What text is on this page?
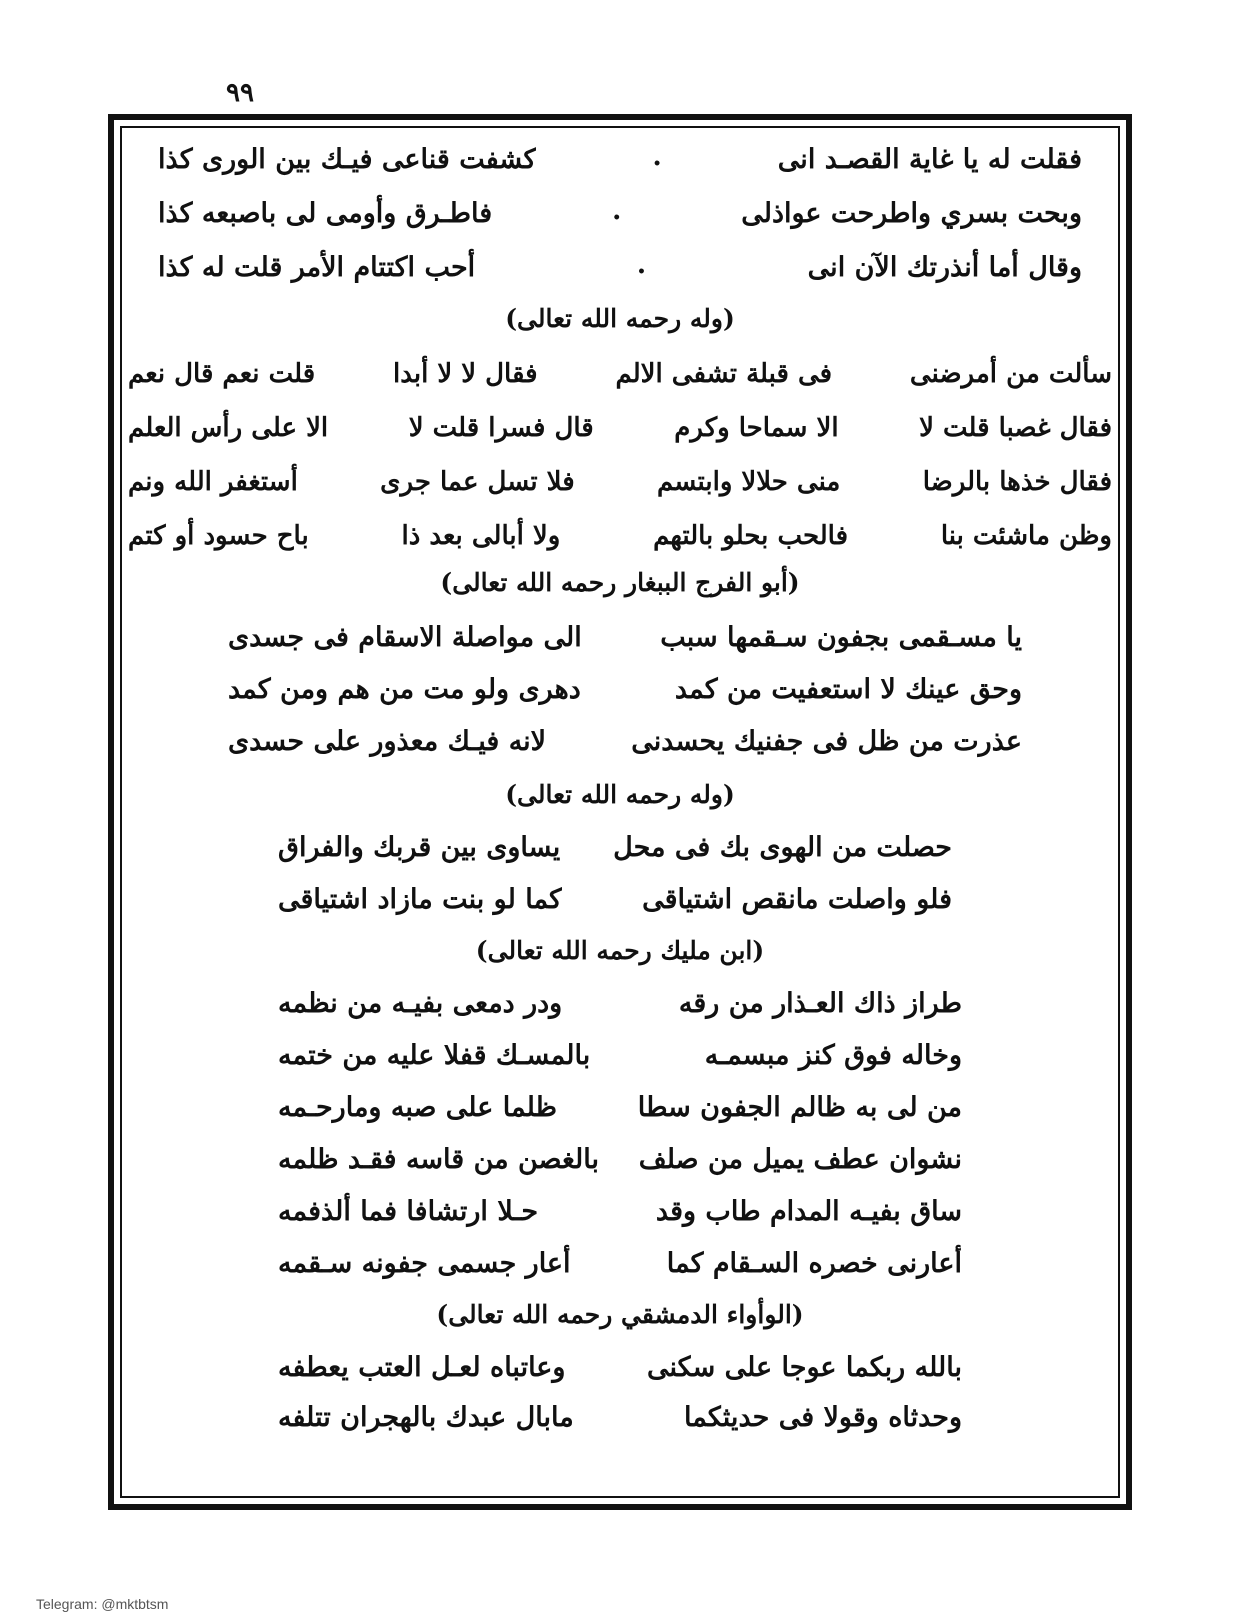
٩٩
فقلت له يا غاية القصـد انى
•
كشفت قناعى فيـك بين الورى كذا
وبحت بسري واطرحت عواذلى
•
فاطـرق وأومى لى باصبعه كذا
وقال أما أنذرتك الآن انى
•
أحب اكتتام الأمر قلت له كذا
(وله رحمه الله تعالى)
سألت من أمرضنى
فى قبلة تشفى الالم
فقال لا لا أبدا
قلت نعم قال نعم
فقال غصبا قلت لا
الا سماحا وكرم
قال فسرا قلت لا
الا على رأس العلم
فقال خذها بالرضا
منى حلالا وابتسم
فلا تسل عما جرى
أستغفر الله ونم
وظن ماشئت بنا
فالحب بحلو بالتهم
ولا أبالى بعد ذا
باح حسود أو كتم
(أبو الفرج الببغار رحمه الله تعالى)
يا مسـقمى بجفون سـقمها سبب
الى مواصلة الاسقام فى جسدى
وحق عينك لا استعفيت من كمد
دهرى ولو مت من هم ومن كمد
عذرت من ظل فى جفنيك يحسدنى
لانه فيـك معذور على حسدى
(وله رحمه الله تعالى)
حصلت من الهوى بك فى محل
يساوى بين قربك والفراق
فلو واصلت مانقص اشتياقى
كما لو بنت مازاد اشتياقى
(ابن مليك رحمه الله تعالى)
طراز ذاك العـذار من رقه
ودر دمعى بفيـه من نظمه
وخاله فوق كنز مبسمـه
بالمسـك قفلا عليه من ختمه
من لى به ظالم الجفون سطا
ظلما على صبه ومارحـمه
نشوان عطف يميل من صلف
بالغصن من قاسه فقـد ظلمه
ساق بفيـه المدام طاب وقد
حـلا ارتشافا فما ألذفمه
أعارنى خصره السـقام كما
أعار جسمى جفونه سـقمه
(الوأواء الدمشقي رحمه الله تعالى)
بالله ربكما عوجا على سكنى
وعاتباه لعـل العتب يعطفه
وحدثاه وقولا فى حديثكما
مابال عبدك بالهجران تتلفه
Telegram: @mktbtsm
